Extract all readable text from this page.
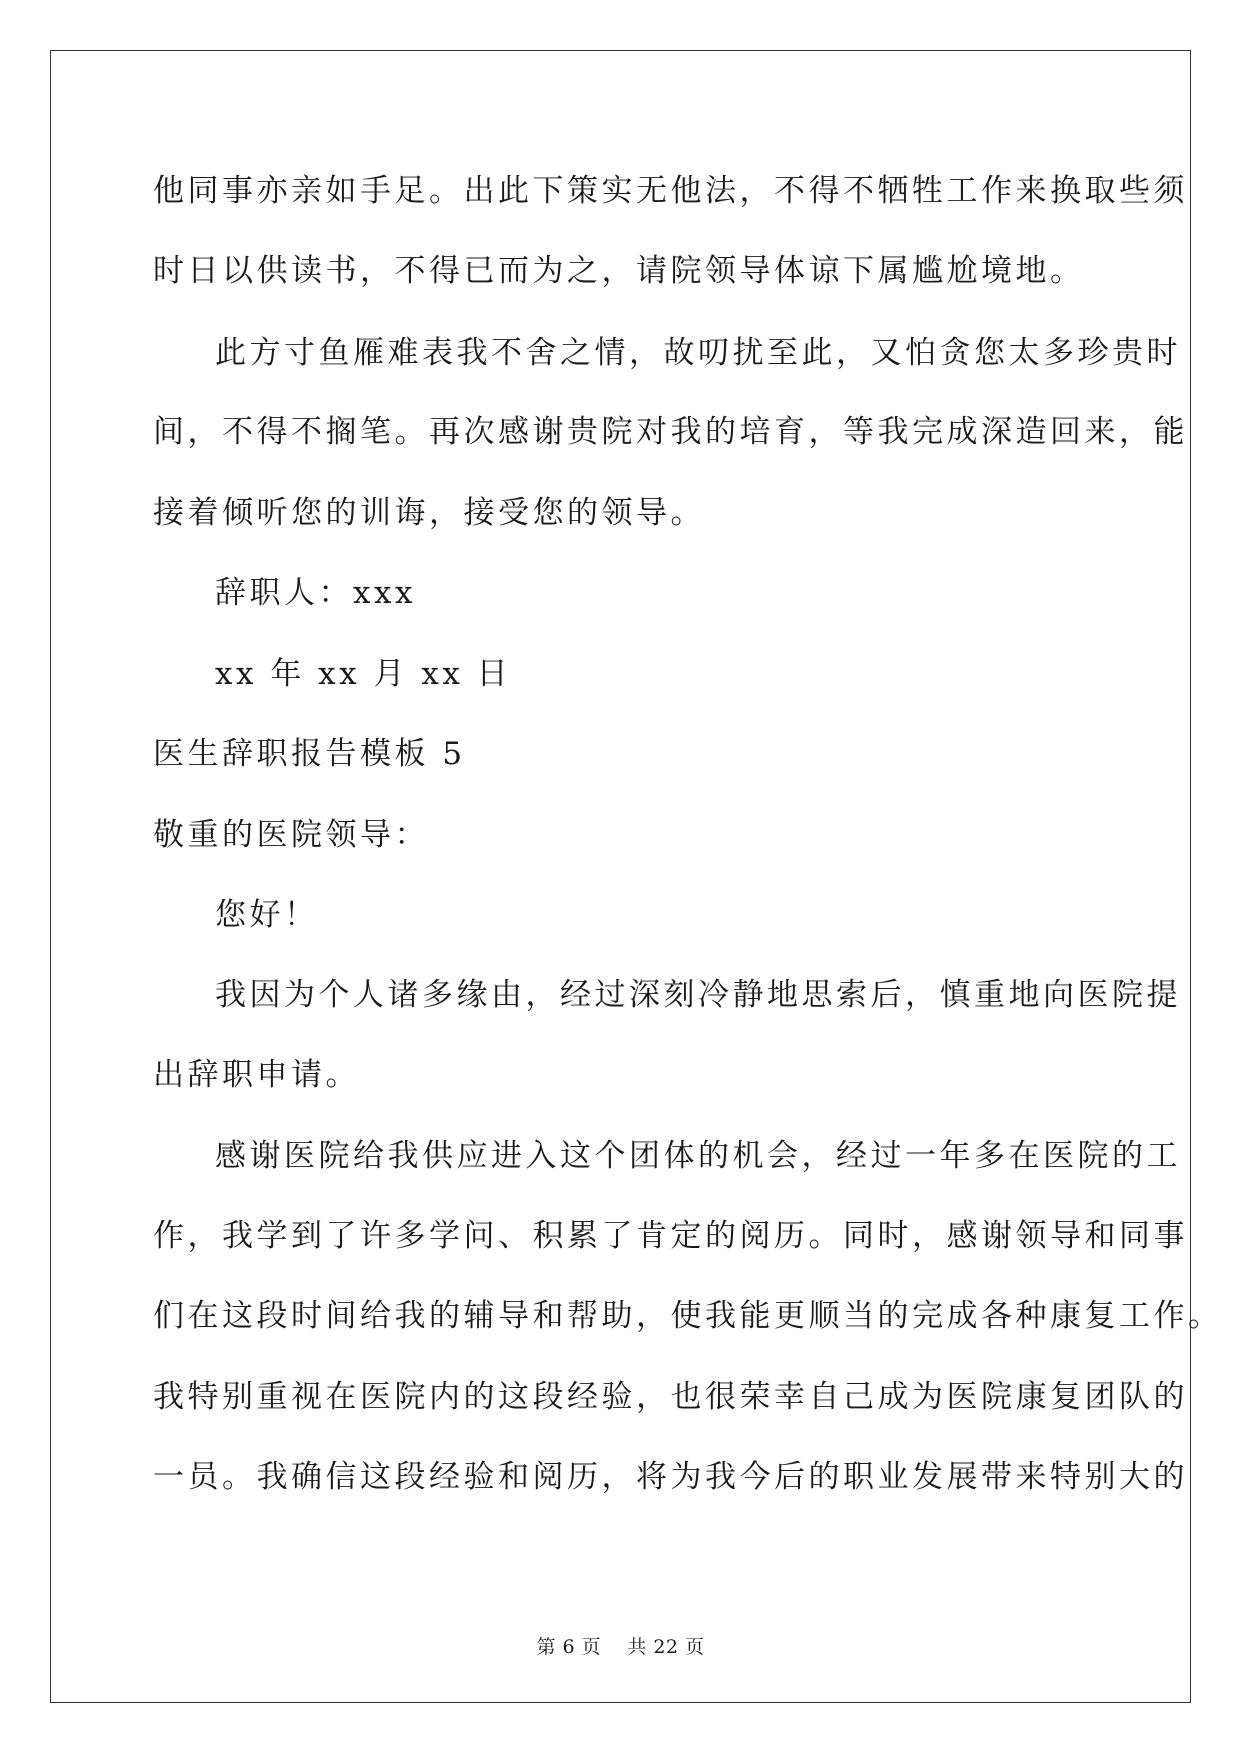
他同事亦亲如手足。出此下策实无他法，不得不牺牲工作来换取些须
时日以供读书，不得已而为之，请院领导体谅下属尴尬境地。
此方寸鱼雁难表我不舍之情，故叨扰至此，又怕贪您太多珍贵时
间，不得不搁笔。再次感谢贵院对我的培育，等我完成深造回来，能
接着倾听您的训诲，接受您的领导。
辞职人：xxx
xx 年 xx 月 xx 日
医生辞职报告模板 5
敬重的医院领导：
您好！
我因为个人诸多缘由，经过深刻冷静地思索后，慎重地向医院提
出辞职申请。
感谢医院给我供应进入这个团体的机会，经过一年多在医院的工
作，我学到了许多学问、积累了肯定的阅历。同时，感谢领导和同事
们在这段时间给我的辅导和帮助，使我能更顺当的完成各种康复工作。
我特别重视在医院内的这段经验，也很荣幸自己成为医院康复团队的
一员。我确信这段经验和阅历，将为我今后的职业发展带来特别大的
第 6 页    共 22 页
